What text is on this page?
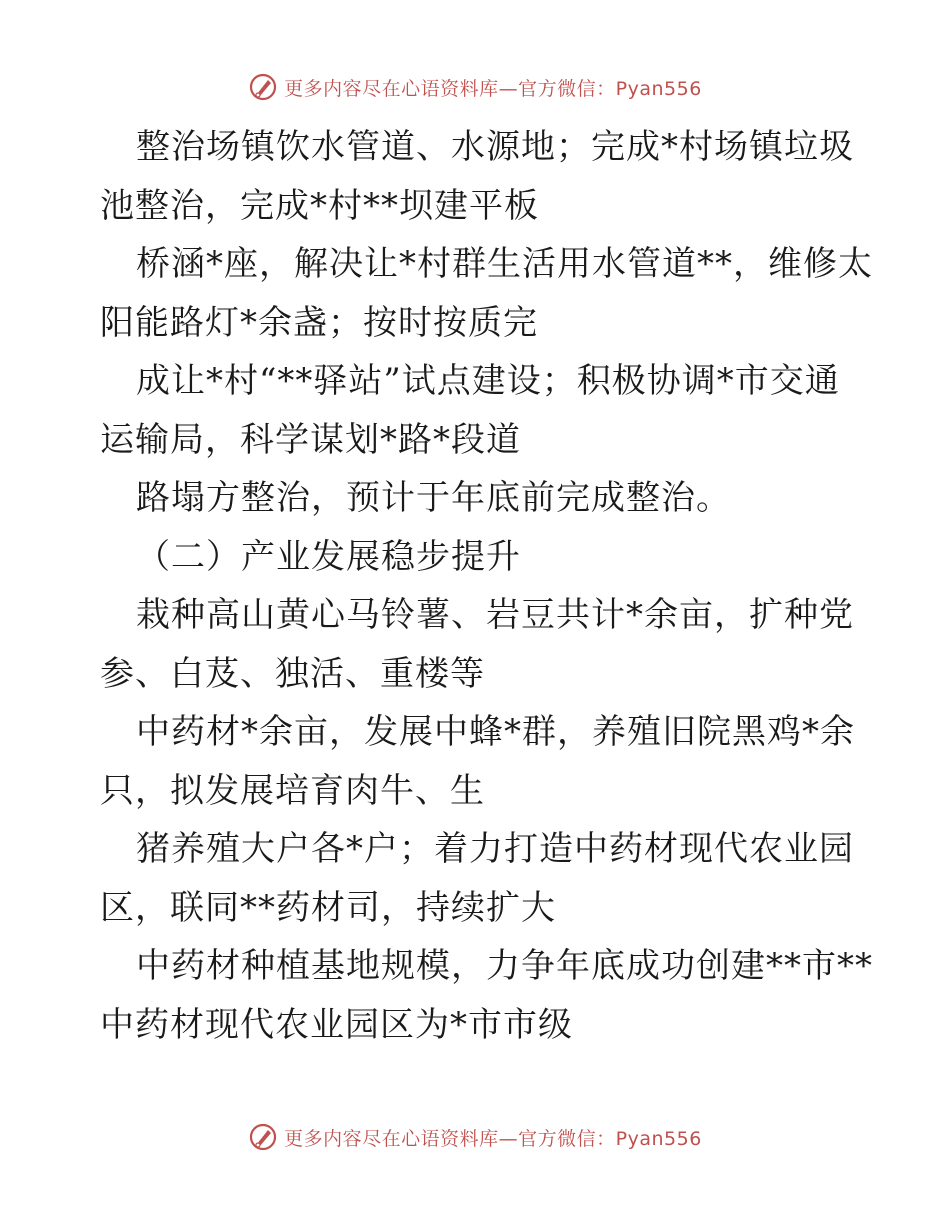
更多内容尽在心语资料库—官方微信：Pyan556
整治场镇饮水管道、水源地；完成*村场镇垃圾
池整治，完成*村**坝建平板
桥涵*座，解决让*村群生活用水管道**，维修太
阳能路灯*余盏；按时按质完
成让*村“**驿站”试点建设；积极协调*市交通
运输局，科学谋划*路*段道
路塌方整治，预计于年底前完成整治。
（二）产业发展稳步提升
栽种高山黄心马铃薯、岩豆共计*余亩，扩种党
参、白芨、独活、重楼等
中药材*余亩，发展中蜂*群，养殖旧院黑鸡*余
只，拟发展培育肉牛、生
猪养殖大户各*户；着力打造中药材现代农业园
区，联同**药材司，持续扩大
中药材种植基地规模，力争年底成功创建**市**
中药材现代农业园区为*市市级
更多内容尽在心语资料库—官方微信：Pyan556
